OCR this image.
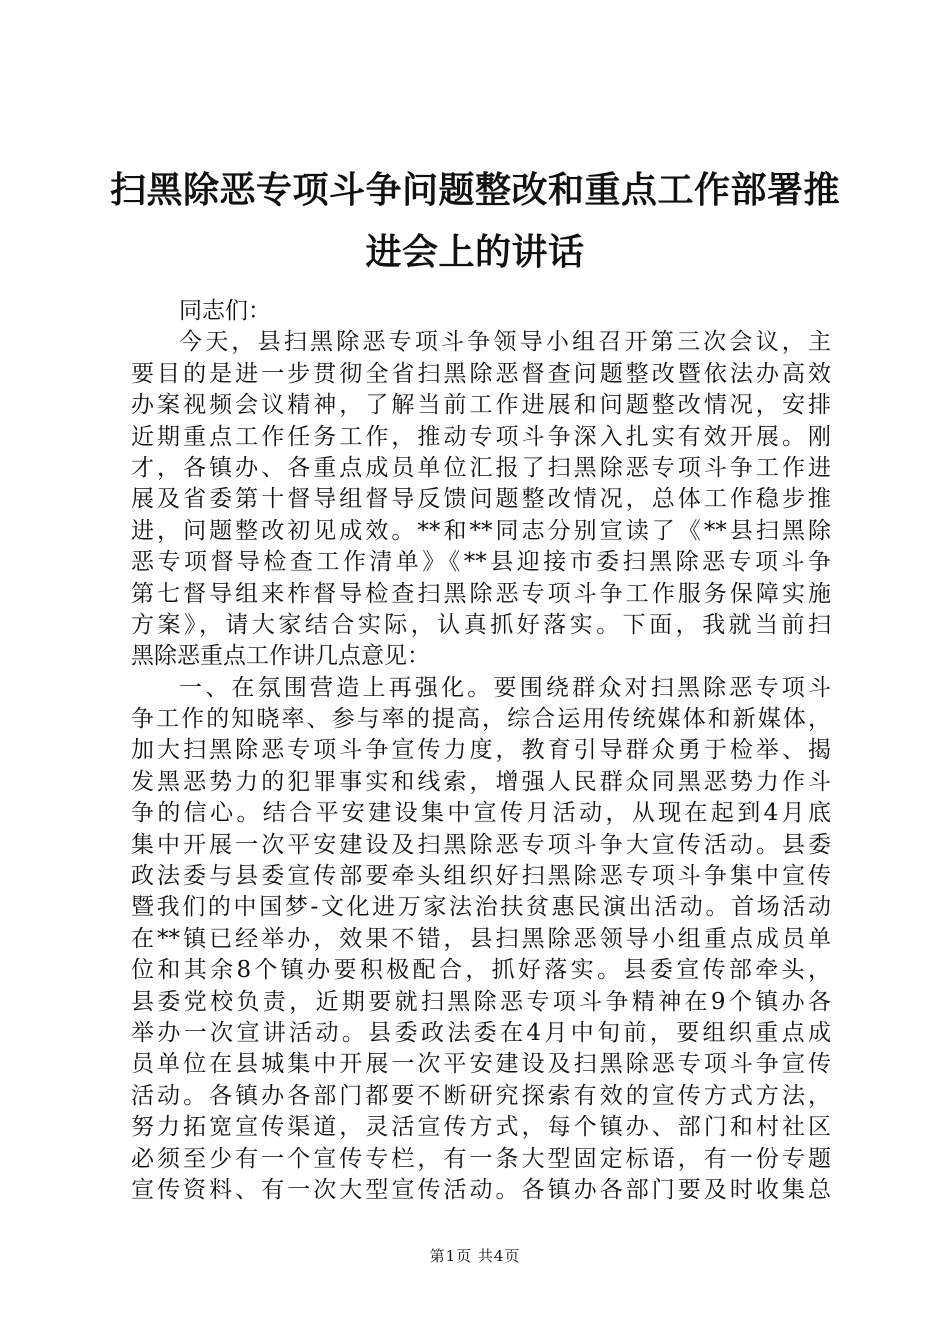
扫黑除恶专项斗争问题整改和重点工作部署推
进会上的讲话
同志们：
今天，县扫黑除恶专项斗争领导小组召开第三次会议，主
要目的是进一步贯彻全省扫黑除恶督查问题整改暨依法办高效
办案视频会议精神，了解当前工作进展和问题整改情况，安排
近期重点工作任务工作，推动专项斗争深入扎实有效开展。刚
才，各镇办、各重点成员单位汇报了扫黑除恶专项斗争工作进
展及省委第十督导组督导反馈问题整改情况，总体工作稳步推
进，问题整改初见成效。**和**同志分别宣读了《**县扫黑除
恶专项督导检查工作清单》《**县迎接市委扫黑除恶专项斗争
第七督导组来柞督导检查扫黑除恶专项斗争工作服务保障实施
方案》，请大家结合实际，认真抓好落实。下面，我就当前扫
黑除恶重点工作讲几点意见：
一、在氛围营造上再强化。要围绕群众对扫黑除恶专项斗
争工作的知晓率、参与率的提高，综合运用传统媒体和新媒体，
加大扫黑除恶专项斗争宣传力度，教育引导群众勇于检举、揭
发黑恶势力的犯罪事实和线索，增强人民群众同黑恶势力作斗
争的信心。结合平安建设集中宣传月活动，从现在起到4月底
集中开展一次平安建设及扫黑除恶专项斗争大宣传活动。县委
政法委与县委宣传部要牵头组织好扫黑除恶专项斗争集中宣传
暨我们的中国梦-文化进万家法治扶贫惠民演出活动。首场活动
在**镇已经举办，效果不错，县扫黑除恶领导小组重点成员单
位和其余8个镇办要积极配合，抓好落实。县委宣传部牵头，
县委党校负责，近期要就扫黑除恶专项斗争精神在9个镇办各
举办一次宣讲活动。县委政法委在4月中旬前，要组织重点成
员单位在县城集中开展一次平安建设及扫黑除恶专项斗争宣传
活动。各镇办各部门都要不断研究探索有效的宣传方式方法，
努力拓宽宣传渠道，灵活宣传方式，每个镇办、部门和村社区
必须至少有一个宣传专栏，有一条大型固定标语，有一份专题
宣传资料、有一次大型宣传活动。各镇办各部门要及时收集总
第1页 共4页
